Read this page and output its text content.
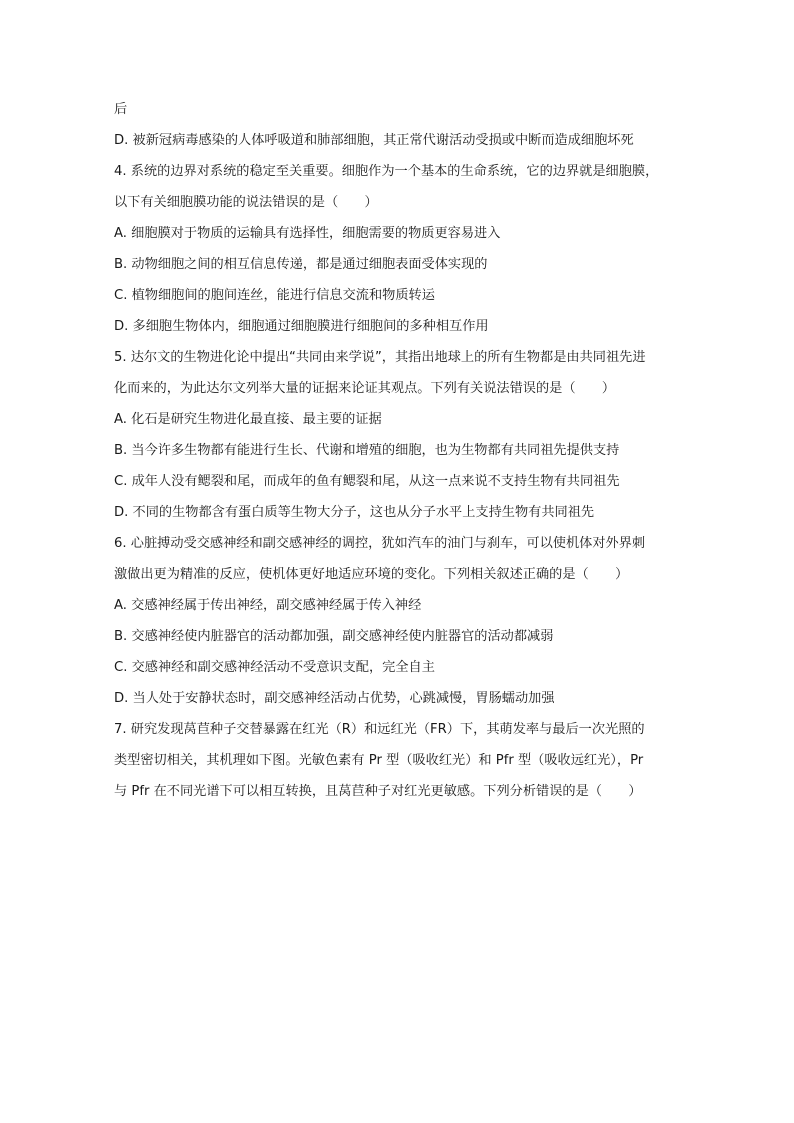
后
D. 被新冠病毒感染的人体呼吸道和肺部细胞，其正常代谢活动受损或中断而造成细胞坏死
4. 系统的边界对系统的稳定至关重要。细胞作为一个基本的生命系统，它的边界就是细胞膜，
以下有关细胞膜功能的说法错误的是（　　）
A. 细胞膜对于物质的运输具有选择性，细胞需要的物质更容易进入
B. 动物细胞之间的相互信息传递，都是通过细胞表面受体实现的
C. 植物细胞间的胞间连丝，能进行信息交流和物质转运
D. 多细胞生物体内，细胞通过细胞膜进行细胞间的多种相互作用
5. 达尔文的生物进化论中提出“共同由来学说”，其指出地球上的所有生物都是由共同祖先进
化而来的，为此达尔文列举大量的证据来论证其观点。下列有关说法错误的是（　　）
A. 化石是研究生物进化最直接、最主要的证据
B. 当今许多生物都有能进行生长、代谢和增殖的细胞，也为生物都有共同祖先提供支持
C. 成年人没有鳃裂和尾，而成年的鱼有鳃裂和尾，从这一点来说不支持生物有共同祖先
D. 不同的生物都含有蛋白质等生物大分子，这也从分子水平上支持生物有共同祖先
6. 心脏搏动受交感神经和副交感神经的调控，犹如汽车的油门与刹车，可以使机体对外界刺
激做出更为精准的反应，使机体更好地适应环境的变化。下列相关叙述正确的是（　　）
A. 交感神经属于传出神经，副交感神经属于传入神经
B. 交感神经使内脏器官的活动都加强，副交感神经使内脏器官的活动都减弱
C. 交感神经和副交感神经活动不受意识支配，完全自主
D. 当人处于安静状态时，副交感神经活动占优势，心跳减慢，胃肠蠕动加强
7. 研究发现莴苣种子交替暴露在红光（R）和远红光（FR）下，其萌发率与最后一次光照的
类型密切相关，其机理如下图。光敏色素有 Pr 型（吸收红光）和 Pfr 型（吸收远红光），Pr
与 Pfr 在不同光谱下可以相互转换，且莴苣种子对红光更敏感。下列分析错误的是（　　）
